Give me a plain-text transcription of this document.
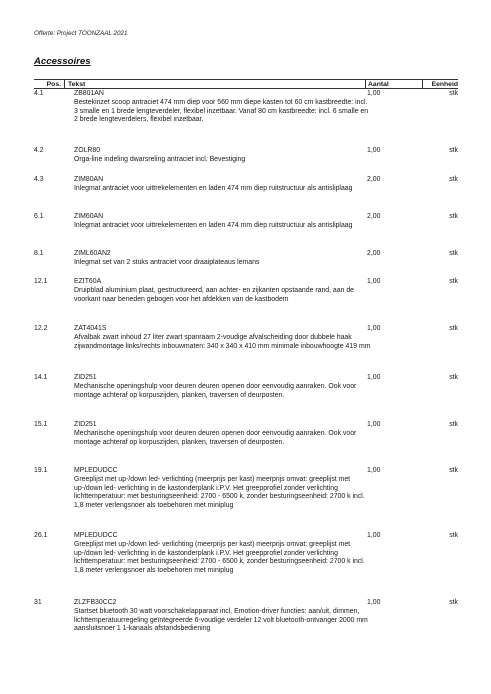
Offerte: Project TOONZAAL 2021
Accessoires
Pos.	Tekst	Aantal	Eenheid
4.1	ZB801AN
Bestekinzet scoop antraciet 474 mm diep voor 560 mm diepe kasten tot 60 cm kastbreedte: incl. 3 smalle en 1 brede lengteverdeler, flexibel inzetbaar. Vanaf 80 cm kastbreedte: incl. 6 smalle en 2 brede lengteverdelers, flexibel inzetbaar.
1,00	stk
4.2	ZOLR80
Orga-line indeling dwarsreling antraciet incl. Bevestiging
1,00	stk
4.3	ZIM80AN
Inlegmat antraciet voor uittrekelementen en laden 474 mm diep ruitstructuur als antisliplaag
2,00	stk
6.1	ZIM60AN
Inlegmat antraciet voor uittrekelementen en laden 474 mm diep ruitstructuur als antisliplaag
2,00	stk
8.1	ZIML60AN2
Inlegmat set van 2 stuks antraciet voor draaiplateaus lemans
2,00	stk
12.1	EZIT60A
Druipblad aluminium plaat, gestructureerd, aan achter- en zijkanten opstaande rand, aan de voorkant naar beneden gebogen voor het afdekken van de kastbodem
1,00	stk
12.2	ZAT4041S
Afvalbak zwart inhoud 27 liter zwart spanraam 2-voudige afvalscheiding door dubbele haak zijwandmontage links/rechts inbouwmaten: 340 x 340 x 410 mm minimale inbouwhoogte 419 mm
1,00	stk
14.1	ZID251
Mechanische openingshulp voor deuren deuren openen door eenvoudig aanraken. Ook voor montage achteraf op korpuszijden, planken, traversen of deurposten.
1,00	stk
15.1	ZID251
Mechanische openingshulp voor deuren deuren openen door eenvoudig aanraken. Ook voor montage achteraf op korpuszijden, planken, traversen of deurposten.
1,00	stk
19.1	MPLEDUDCC
Greeplijst met up-/down led- verlichting (meerprijs per kast) meerprijs omvat: greeplijst met up-/down led- verlichting in de kastonderplank i.P.V. Het greepprofiel zonder verlichting lichttemperatuur: met besturingseenheid: 2700 - 6500 k, zonder besturingseenheid: 2700 k incl. 1,8 meter verlengsnoer als toebehoren met miniplug
1,00	stk
26.1	MPLEDUDCC
Greeplijst met up-/down led- verlichting (meerprijs per kast) meerprijs omvat: greeplijst met up-/down led- verlichting in de kastonderplank i.P.V. Het greepprofiel zonder verlichting lichttemperatuur: met besturingseenheid: 2700 - 6500 k, zonder besturingseenheid: 2700 k incl. 1,8 meter verlengsnoer als toebehoren met miniplug
1,00	stk
31	ZLZFB30CC2
Startset bluetooth 30 watt voorschakelapparaat incl. Emotion-driver functies: aan/uit, dimmen, lichttemperatuurregeling geïntegreerde 6-voudige verdeler 12 volt bluetooth-ontvanger 2000 mm aansluitsnoer 1 1-kanaals afstandsbediening
1,00	stk
